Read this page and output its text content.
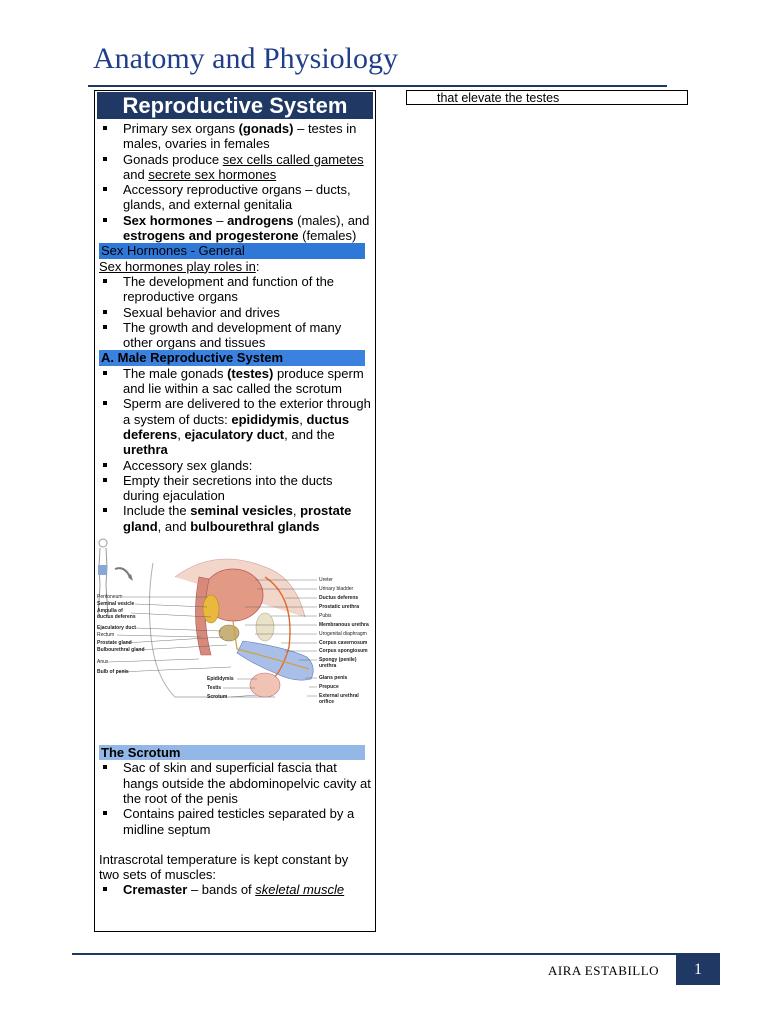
Anatomy and Physiology
Reproductive System
Primary sex organs (gonads) – testes in males, ovaries in females
Gonads produce sex cells called gametes and secrete sex hormones
Accessory reproductive organs – ducts, glands, and external genitalia
Sex hormones – androgens (males), and estrogens and progesterone (females)
Sex Hormones - General
Sex hormones play roles in:
The development and function of the reproductive organs
Sexual behavior and drives
The growth and development of many other organs and tissues
A. Male Reproductive System
The male gonads (testes) produce sperm and lie within a sac called the scrotum
Sperm are delivered to the exterior through a system of ducts: epididymis, ductus deferens, ejaculatory duct, and the urethra
Accessory sex glands:
Empty their secretions into the ducts during ejaculation
Include the seminal vesicles, prostate gland, and bulbourethral glands
Peritoneum
Seminal vesicle
Ampulla of
ductus deferens
Ejaculatory duct
Rectum
Prostate gland
Bulbourethral gland
Anus
Bulb of penis
Ureter
Urinary bladder
Ductus deferens
Prostatic urethra
Pubis
Membranous urethra
Urogenital diaphragm
Corpus cavernosum
Corpus spongiosum
Spongy (penile)
urethra
Glans penis
Prepuce
External urethral
orifice
Epididymis
Testis
Scrotum
The Scrotum
Sac of skin and superficial fascia that hangs outside the abdominopelvic cavity at the root of the penis
Contains paired testicles separated by a midline septum
Intrascrotal temperature is kept constant by two sets of muscles:
Cremaster – bands of skeletal muscle
that elevate the testes
AIRA ESTABILLO	1
